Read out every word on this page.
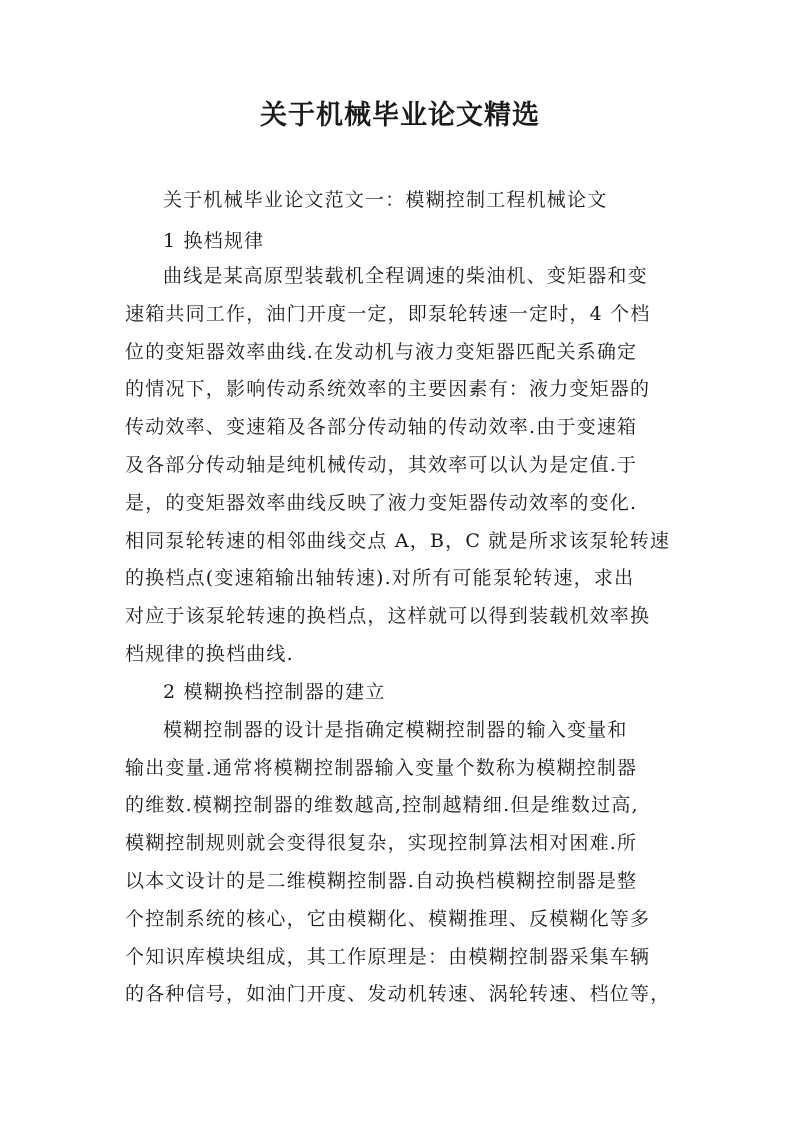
关于机械毕业论文精选
关于机械毕业论文范文一：模糊控制工程机械论文
1 换档规律
曲线是某高原型装载机全程调速的柴油机、变矩器和变
速箱共同工作，油门开度一定，即泵轮转速一定时，4 个档
位的变矩器效率曲线.在发动机与液力变矩器匹配关系确定
的情况下，影响传动系统效率的主要因素有：液力变矩器的
传动效率、变速箱及各部分传动轴的传动效率.由于变速箱
及各部分传动轴是纯机械传动，其效率可以认为是定值.于
是，的变矩器效率曲线反映了液力变矩器传动效率的变化.
相同泵轮转速的相邻曲线交点 A，B，C 就是所求该泵轮转速
的换档点(变速箱输出轴转速).对所有可能泵轮转速，求出
对应于该泵轮转速的换档点，这样就可以得到装载机效率换
档规律的换档曲线.
2 模糊换档控制器的建立
模糊控制器的设计是指确定模糊控制器的输入变量和
输出变量.通常将模糊控制器输入变量个数称为模糊控制器
的维数.模糊控制器的维数越高,控制越精细.但是维数过高,
模糊控制规则就会变得很复杂，实现控制算法相对困难.所
以本文设计的是二维模糊控制器.自动换档模糊控制器是整
个控制系统的核心，它由模糊化、模糊推理、反模糊化等多
个知识库模块组成，其工作原理是：由模糊控制器采集车辆
的各种信号，如油门开度、发动机转速、涡轮转速、档位等，
